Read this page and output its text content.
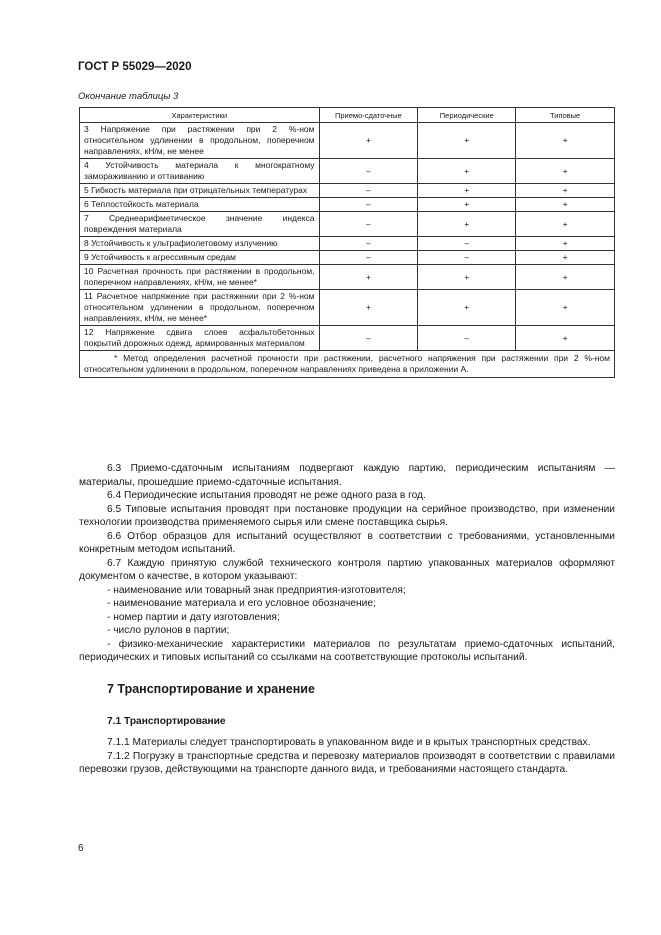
ГОСТ Р 55029—2020
Окончание таблицы 3
Характеристики	Приемо-сдаточные	Периодические	Типовые
3 Напряжение при растяжении при 2 %-ном относительном удлинении в продольном, поперечном направлениях, кН/м, не менее	+	+	+
4 Устойчивость материала к многократному замораживанию и оттаиванию	–	+	+
5 Гибкость материала при отрицательных температурах	–	+	+
6 Теплостойкость материала	–	+	+
7 Среднеарифметическое значение индекса повреждения материала	–	+	+
8 Устойчивость к ультрафиолетовому излучению	–	–	+
9 Устойчивость к агрессивным средам	–	–	+
10 Расчетная прочность при растяжении в продольном, поперечном направлениях, кН/м, не менее*	+	+	+
11 Расчетное напряжение при растяжении при 2 %-ном относительном удлинении в продольном, поперечном направлениях, кН/м, не менее*	+	+	+
12 Напряжение сдвига слоев асфальтобетонных покрытий дорожных одежд, армированных материалом	–	–	+
* Метод определения расчетной прочности при растяжении, расчетного напряжения при растяжении при 2 %-ном относительном удлинении в продольном, поперечном направлениях приведена в приложении А.			

6.3 Приемо-сдаточным испытаниям подвергают каждую партию, периодическим испытаниям — материалы, прошедшие приемо-сдаточные испытания.

6.4 Периодические испытания проводят не реже одного раза в год.

6.5 Типовые испытания проводят при постановке продукции на серийное производство, при изменении технологии производства применяемого сырья или смене поставщика сырья.

6.6 Отбор образцов для испытаний осуществляют в соответствии с требованиями, установленными конкретным методом испытаний.

6.7 Каждую принятую службой технического контроля партию упакованных материалов оформляют документом о качестве, в котором указывают:

- наименование или товарный знак предприятия-изготовителя;

- наименование материала и его условное обозначение;

- номер партии и дату изготовления;

- число рулонов в партии;

- физико-механические характеристики материалов по результатам приемо-сдаточных испытаний, периодических и типовых испытаний со ссылками на соответствующие протоколы испытаний.

7 Транспортирование и хранение
7.1 Транспортирование

7.1.1 Материалы следует транспортировать в упакованном виде и в крытых транспортных средствах.

7.1.2 Погрузку в транспортные средства и перевозку материалов производят в соответствии с правилами перевозки грузов, действующими на транспорте данного вида, и требованиями настоящего стандарта.

6
